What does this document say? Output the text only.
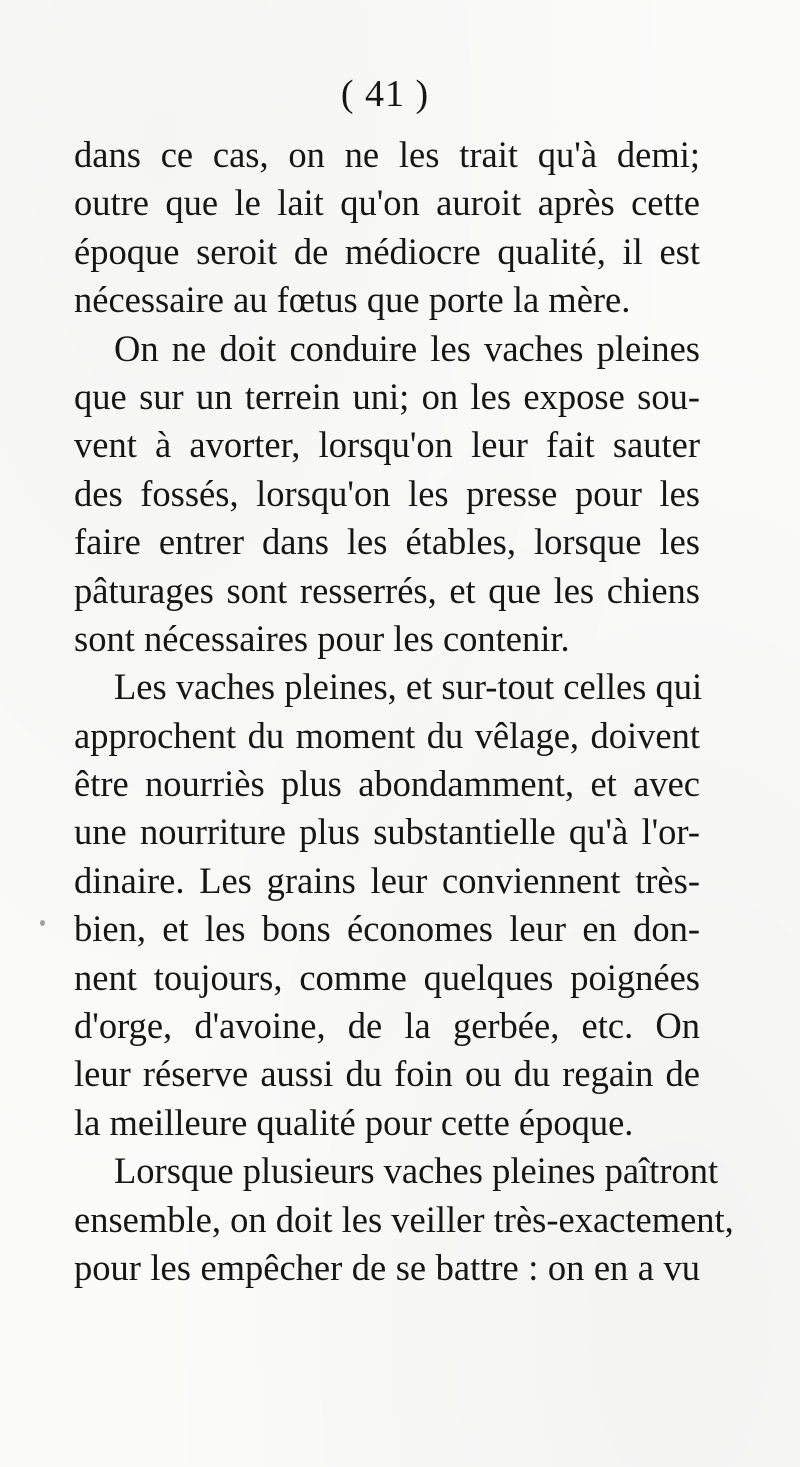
( 41 )
dans ce cas, on ne les trait qu'à demi;
outre que le lait qu'on auroit après cette
époque seroit de médiocre qualité, il est
nécessaire au fœtus que porte la mère.
On ne doit conduire les vaches pleines
que sur un terrein uni; on les expose sou-
vent à avorter, lorsqu'on leur fait sauter
des fossés, lorsqu'on les presse pour les
faire entrer dans les étables, lorsque les
pâturages sont resserrés, et que les chiens
sont nécessaires pour les contenir.
Les vaches pleines, et sur-tout celles qui
approchent du moment du vêlage, doivent
être nourriès plus abondamment, et avec
une nourriture plus substantielle qu'à l'or-
dinaire. Les grains leur conviennent très-
bien, et les bons économes leur en don-
nent toujours, comme quelques poignées
d'orge, d'avoine, de la gerbée, etc. On
leur réserve aussi du foin ou du regain de
la meilleure qualité pour cette époque.
Lorsque plusieurs vaches pleines paîtront
ensemble, on doit les veiller très-exactement,
pour les empêcher de se battre : on en a vu
